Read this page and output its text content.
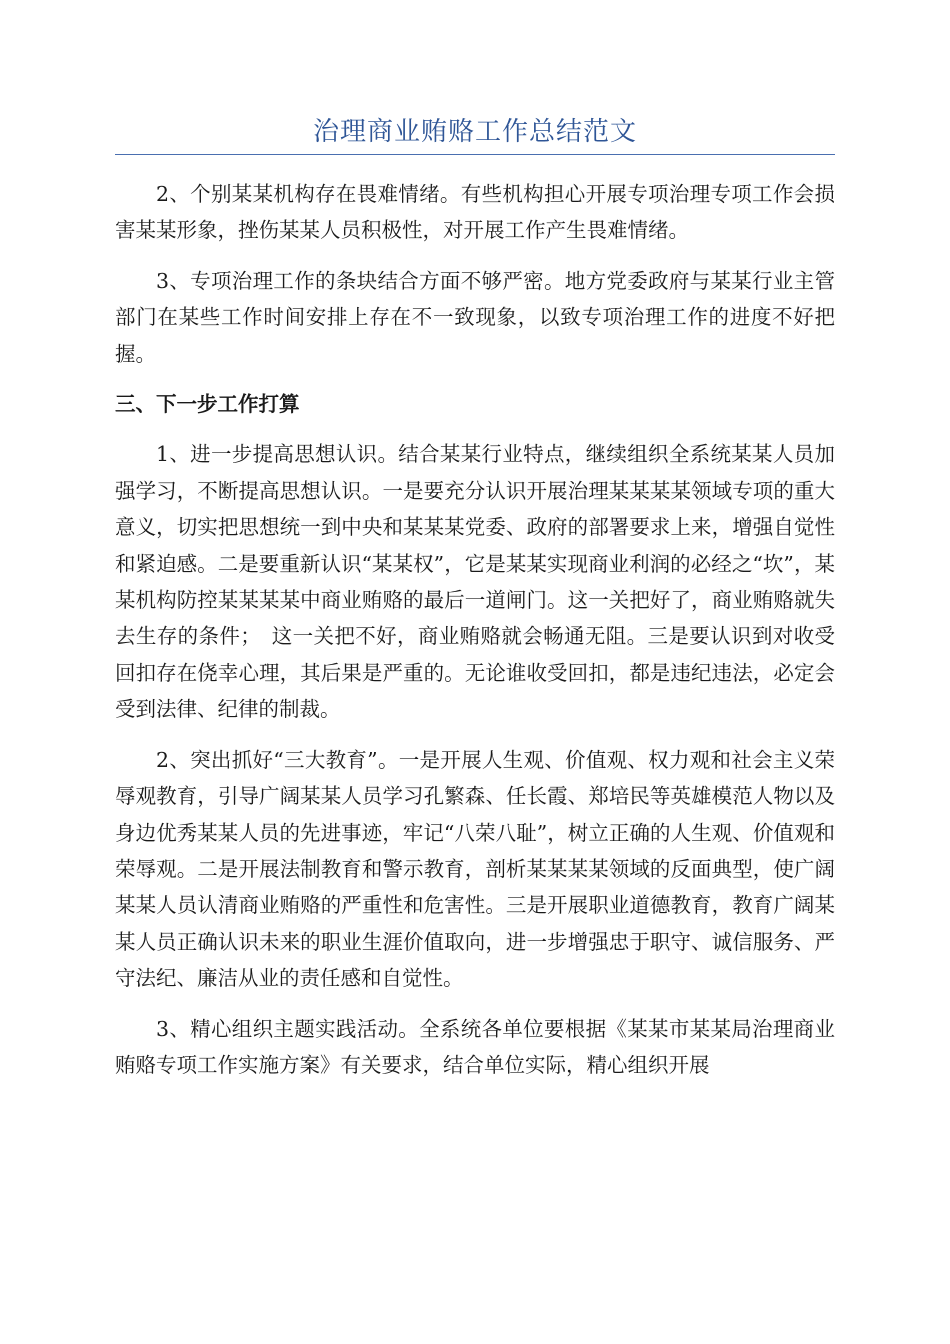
治理商业贿赂工作总结范文

2、个别某某机构存在畏难情绪。有些机构担心开展专项治理专项工作会损害某某形象，挫伤某某人员积极性，对开展工作产生畏难情绪。

3、专项治理工作的条块结合方面不够严密。地方党委政府与某某行业主管部门在某些工作时间安排上存在不一致现象，以致专项治理工作的进度不好把握。

三、下一步工作打算

1、进一步提高思想认识。结合某某行业特点，继续组织全系统某某人员加强学习，不断提高思想认识。一是要充分认识开展治理某某某某领域专项的重大意义，切实把思想统一到中央和某某某党委、政府的部署要求上来，增强自觉性和紧迫感。二是要重新认识“某某权”，它是某某实现商业利润的必经之“坎”，某某机构防控某某某某中商业贿赂的最后一道闸门。这一关把好了，商业贿赂就失去生存的条件；　这一关把不好，商业贿赂就会畅通无阻。三是要认识到对收受回扣存在侥幸心理，其后果是严重的。无论谁收受回扣，都是违纪违法，必定会受到法律、纪律的制裁。

2、突出抓好“三大教育”。一是开展人生观、价值观、权力观和社会主义荣辱观教育，引导广阔某某人员学习孔繁森、任长霞、郑培民等英雄模范人物以及身边优秀某某人员的先进事迹，牢记“八荣八耻”，树立正确的人生观、价值观和荣辱观。二是开展法制教育和警示教育，剖析某某某某领域的反面典型，使广阔某某人员认清商业贿赂的严重性和危害性。三是开展职业道德教育，教育广阔某某人员正确认识未来的职业生涯价值取向，进一步增强忠于职守、诚信服务、严守法纪、廉洁从业的责任感和自觉性。

3、精心组织主题实践活动。全系统各单位要根据《某某市某某局治理商业贿赂专项工作实施方案》有关要求，结合单位实际，精心组织开展
